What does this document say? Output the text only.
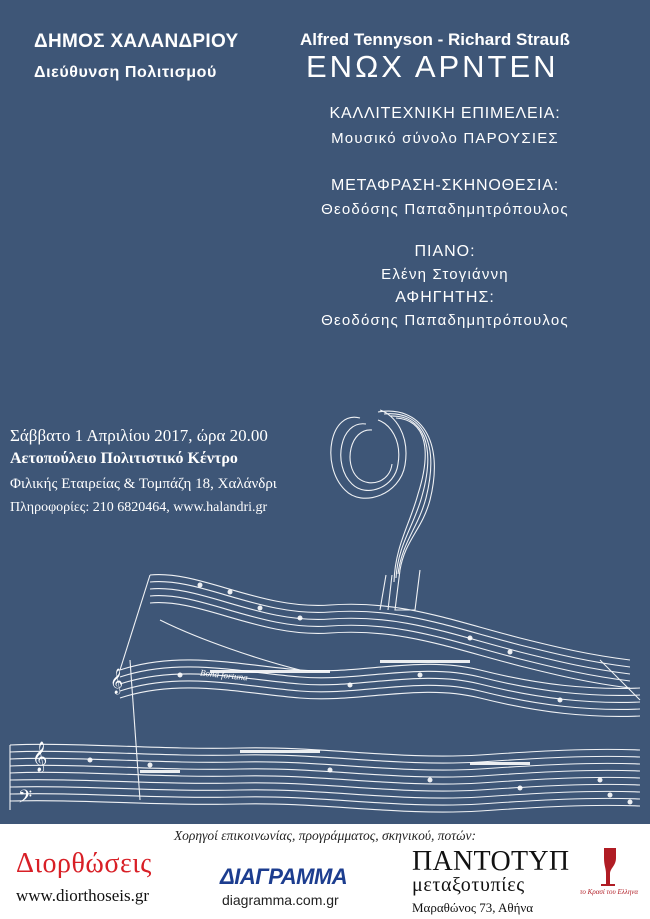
ΔΗΜΟΣ ΧΑΛΑΝΔΡΙΟΥ
Διεύθυνση Πολιτισμού
Alfred Tennyson - Richard Strauß
ΕΝΩΧ ΑΡΝΤΕΝ
ΚΑΛΛΙΤΕΧΝΙΚΗ ΕΠΙΜΕΛΕΙΑ:
Μουσικό σύνολο ΠΑΡΟΥΣΙΕΣ
ΜΕΤΑΦΡΑΣΗ-ΣΚΗΝΟΘΕΣΙΑ:
Θεοδόσης Παπαδημητρόπουλος
ΠΙΑΝΟ:
Ελένη Στογιάννη
ΑΦΗΓΗΤΗΣ:
Θεοδόσης Παπαδημητρόπουλος
Σάββατο 1 Απριλίου 2017, ώρα 20.00
Αετοπούλειο Πολιτιστικό Κέντρο
Φιλικής Εταιρείας & Τομπάζη 18, Χαλάνδρι
Πληροφορίες: 210 6820464, www.halandri.gr
𝄞
𝄢
𝄞	Bona fortuna
Χορηγοί επικοινωνίας, προγράμματος, σκηνικού, ποτών:
Διορθώσεις
www.diorthoseis.gr
ΔΙΑΓΡΑΜΜΑ
diagramma.com.gr
ΠΑΝΤΟΤΥΠ
μεταξοτυπίες
Μαραθώνος 73, Αθήνα
το Κρασί του Ελληνα
